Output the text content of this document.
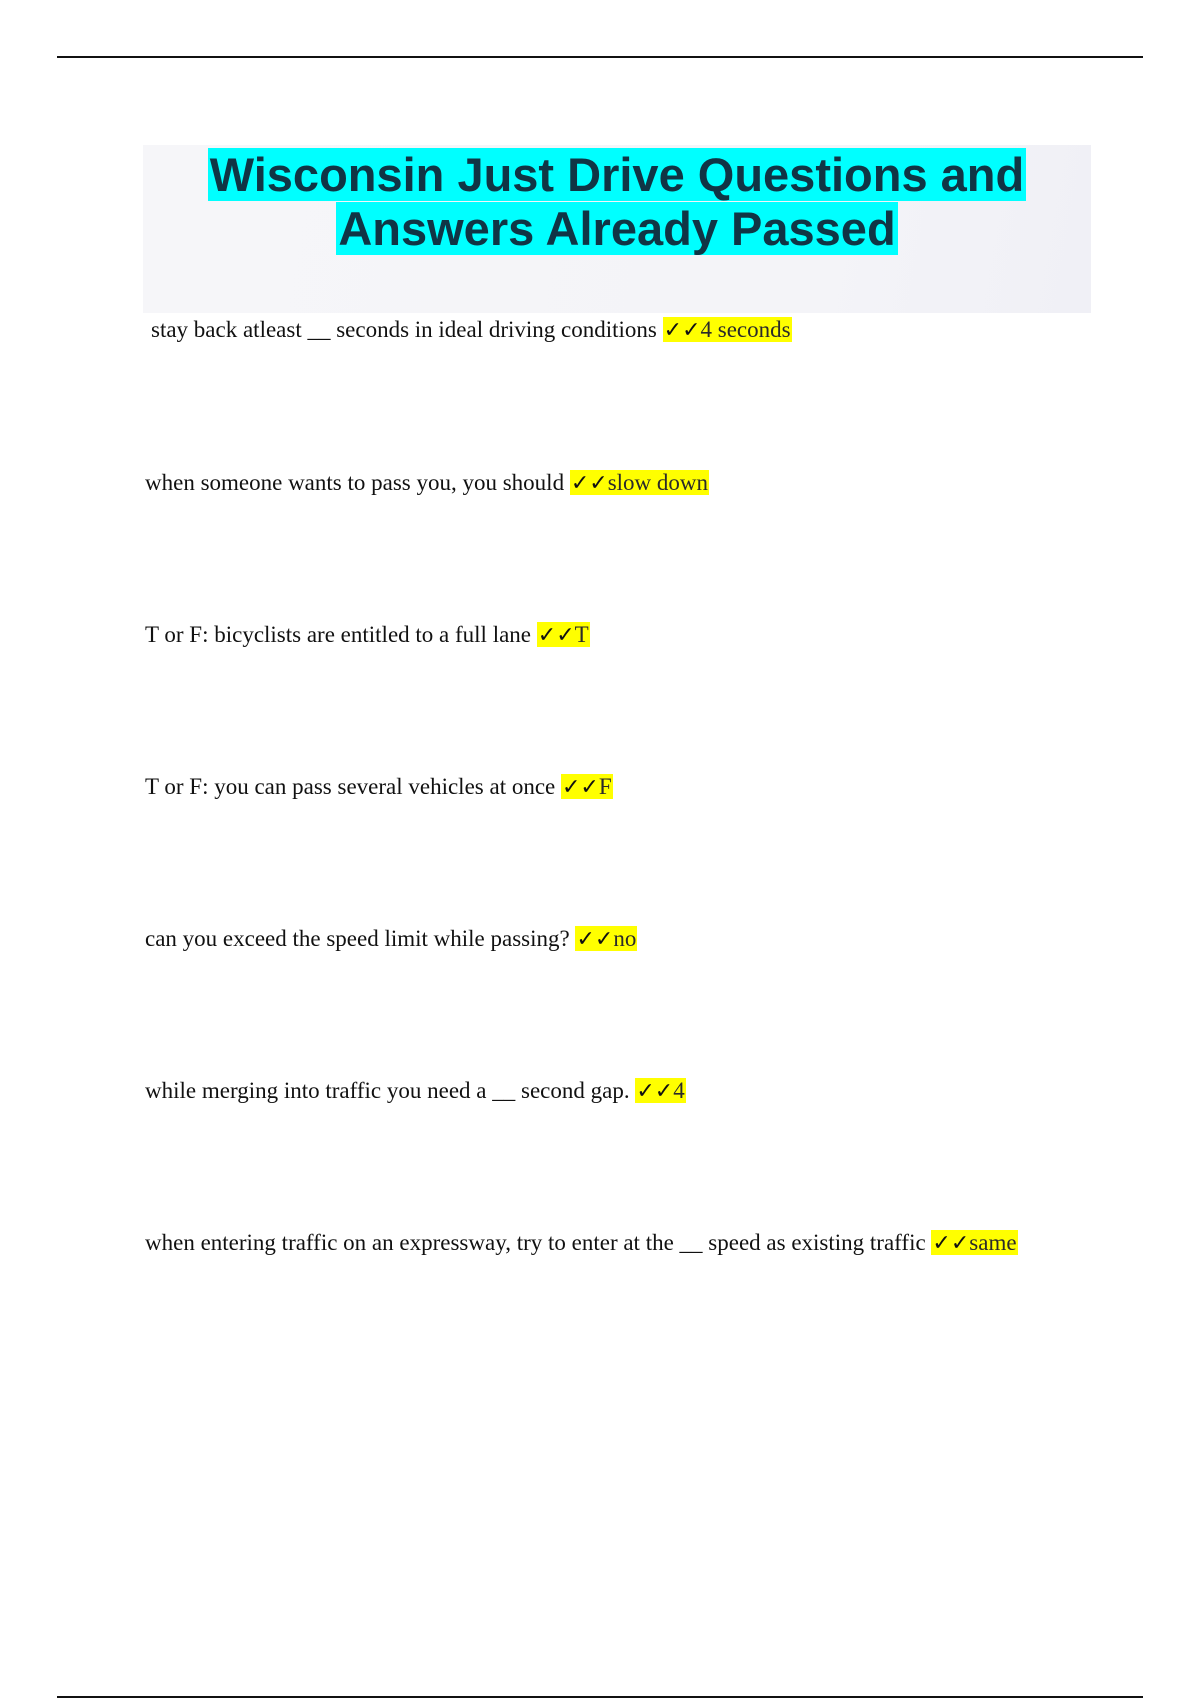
Wisconsin Just Drive Questions and
Answers Already Passed
stay back atleast __ seconds in ideal driving conditions ✓✓4 seconds
when someone wants to pass you, you should ✓✓slow down
T or F: bicyclists are entitled to a full lane ✓✓T
T or F: you can pass several vehicles at once ✓✓F
can you exceed the speed limit while passing? ✓✓no
while merging into traffic you need a __ second gap. ✓✓4
when entering traffic on an expressway, try to enter at the __ speed as existing traffic ✓✓same
